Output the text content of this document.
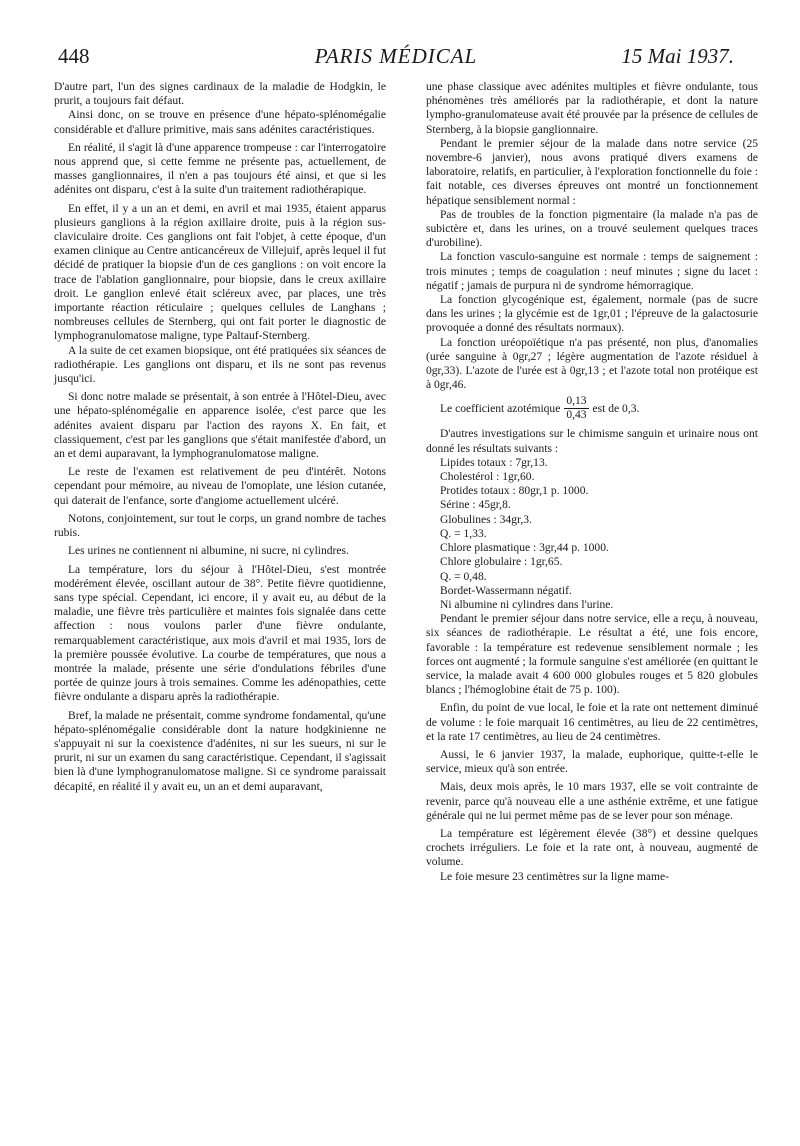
448	PARIS MÉDICAL	15 Mai 1937.

D'autre part, l'un des signes cardinaux de la maladie de Hodgkin, le prurit, a toujours fait défaut.

Ainsi donc, on se trouve en présence d'une hépato-splénomégalie considérable et d'allure primitive, mais sans adénites caractéristiques.

En réalité, il s'agit là d'une apparence trompeuse : car l'interrogatoire nous apprend que, si cette femme ne présente pas, actuellement, de masses ganglionnaires, il n'en a pas toujours été ainsi, et que si les adénites ont disparu, c'est à la suite d'un traitement radiothérapique.

En effet, il y a un an et demi, en avril et mai 1935, étaient apparus plusieurs ganglions à la région axillaire droite, puis à la région sus-claviculaire droite. Ces ganglions ont fait l'objet, à cette époque, d'un examen clinique au Centre anticancéreux de Villejuif, après lequel il fut décidé de pratiquer la biopsie d'un de ces ganglions : on voit encore la trace de l'ablation ganglionnaire, pour biopsie, dans le creux axillaire droit. Le ganglion enlevé était scléreux avec, par places, une très importante réaction réticulaire ; quelques cellules de Langhans ; nombreuses cellules de Sternberg, qui ont fait porter le diagnostic de lymphogranulomatose maligne, type Paltauf-Sternberg.

A la suite de cet examen biopsique, ont été pratiquées six séances de radiothérapie. Les ganglions ont disparu, et ils ne sont pas revenus jusqu'ici.

Si donc notre malade se présentait, à son entrée à l'Hôtel-Dieu, avec une hépato-splénomégalie en apparence isolée, c'est parce que les adénites avaient disparu par l'action des rayons X. En fait, et classiquement, c'est par les ganglions que s'était manifestée d'abord, un an et demi auparavant, la lymphogranulomatose maligne.

Le reste de l'examen est relativement de peu d'intérêt. Notons cependant pour mémoire, au niveau de l'omoplate, une lésion cutanée, qui daterait de l'enfance, sorte d'angiome actuellement ulcéré.

Notons, conjointement, sur tout le corps, un grand nombre de taches rubis.

Les urines ne contiennent ni albumine, ni sucre, ni cylindres.

La température, lors du séjour à l'Hôtel-Dieu, s'est montrée modérément élevée, oscillant autour de 38°. Petite fièvre quotidienne, sans type spécial. Cependant, ici encore, il y avait eu, au début de la maladie, une fièvre très particulière et maintes fois signalée dans cette affection : nous voulons parler d'une fièvre ondulante, remarquablement caractéristique, aux mois d'avril et mai 1935, lors de la première poussée évolutive. La courbe de températures, que nous a montrée la malade, présente une série d'ondulations fébriles d'une portée de quinze jours à trois semaines. Comme les adénopathies, cette fièvre ondulante a disparu après la radiothérapie.

Bref, la malade ne présentait, comme syndrome fondamental, qu'une hépato-splénomégalie considérable dont la nature hodgkinienne ne s'appuyait ni sur la coexistence d'adénites, ni sur les sueurs, ni sur le prurit, ni sur un examen du sang caractéristique. Cependant, il s'agissait bien là d'une lymphogranulomatose maligne. Si ce syndrome paraissait décapité, en réalité il y avait eu, un an et demi auparavant,

une phase classique avec adénites multiples et fièvre ondulante, tous phénomènes très améliorés par la radiothérapie, et dont la nature lympho-granulomateuse avait été prouvée par la présence de cellules de Sternberg, à la biopsie ganglionnaire.

Pendant le premier séjour de la malade dans notre service (25 novembre-6 janvier), nous avons pratiqué divers examens de laboratoire, relatifs, en particulier, à l'exploration fonctionnelle du foie : fait notable, ces diverses épreuves ont montré un fonctionnement hépatique sensiblement normal :

Pas de troubles de la fonction pigmentaire (la malade n'a pas de subictère et, dans les urines, on a trouvé seulement quelques traces d'urobiline).

La fonction vasculo-sanguine est normale : temps de saignement : trois minutes ; temps de coagulation : neuf minutes ; signe du lacet : négatif ; jamais de purpura ni de syndrome hémorragique.

La fonction glycogénique est, également, normale (pas de sucre dans les urines ; la glycémie est de 1gr,01 ; l'épreuve de la galactosurie provoquée a donné des résultats normaux).

La fonction uréopoïétique n'a pas présenté, non plus, d'anomalies (urée sanguine à 0gr,27 ; légère augmentation de l'azote résiduel à 0gr,33). L'azote de l'urée est à 0gr,13 ; et l'azote total non protéique est à 0gr,46.

Le coefficient azotémique $\frac{0,13}{0,43}$ est de 0,3.

D'autres investigations sur le chimisme sanguin et urinaire nous ont donné les résultats suivants :

Lipides totaux : 7gr,13.

Cholestérol : 1gr,60.

Protides totaux : 80gr,1 p. 1000.

Sérine : 45gr,8.

Globulines : 34gr,3.

Q. = 1,33.

Chlore plasmatique : 3gr,44 p. 1000.

Chlore globulaire : 1gr,65.

Q. = 0,48.

Bordet-Wassermann négatif.

Ni albumine ni cylindres dans l'urine.

Pendant le premier séjour dans notre service, elle a reçu, à nouveau, six séances de radiothérapie. Le résultat a été, une fois encore, favorable : la température est redevenue sensiblement normale ; les forces ont augmenté ; la formule sanguine s'est améliorée (en quittant le service, la malade avait 4 600 000 globules rouges et 5 820 globules blancs ; l'hémoglobine était de 75 p. 100).

Enfin, du point de vue local, le foie et la rate ont nettement diminué de volume : le foie marquait 16 centimètres, au lieu de 22 centimètres, et la rate 17 centimètres, au lieu de 24 centimètres.

Aussi, le 6 janvier 1937, la malade, euphorique, quitte-t-elle le service, mieux qu'à son entrée.

Mais, deux mois après, le 10 mars 1937, elle se voit contrainte de revenir, parce qu'à nouveau elle a une asthénie extrême, et une fatigue générale qui ne lui permet même pas de se lever pour son ménage.

La température est légèrement élevée (38°) et dessine quelques crochets irréguliers. Le foie et la rate ont, à nouveau, augmenté de volume.

Le foie mesure 23 centimètres sur la ligne mame-
